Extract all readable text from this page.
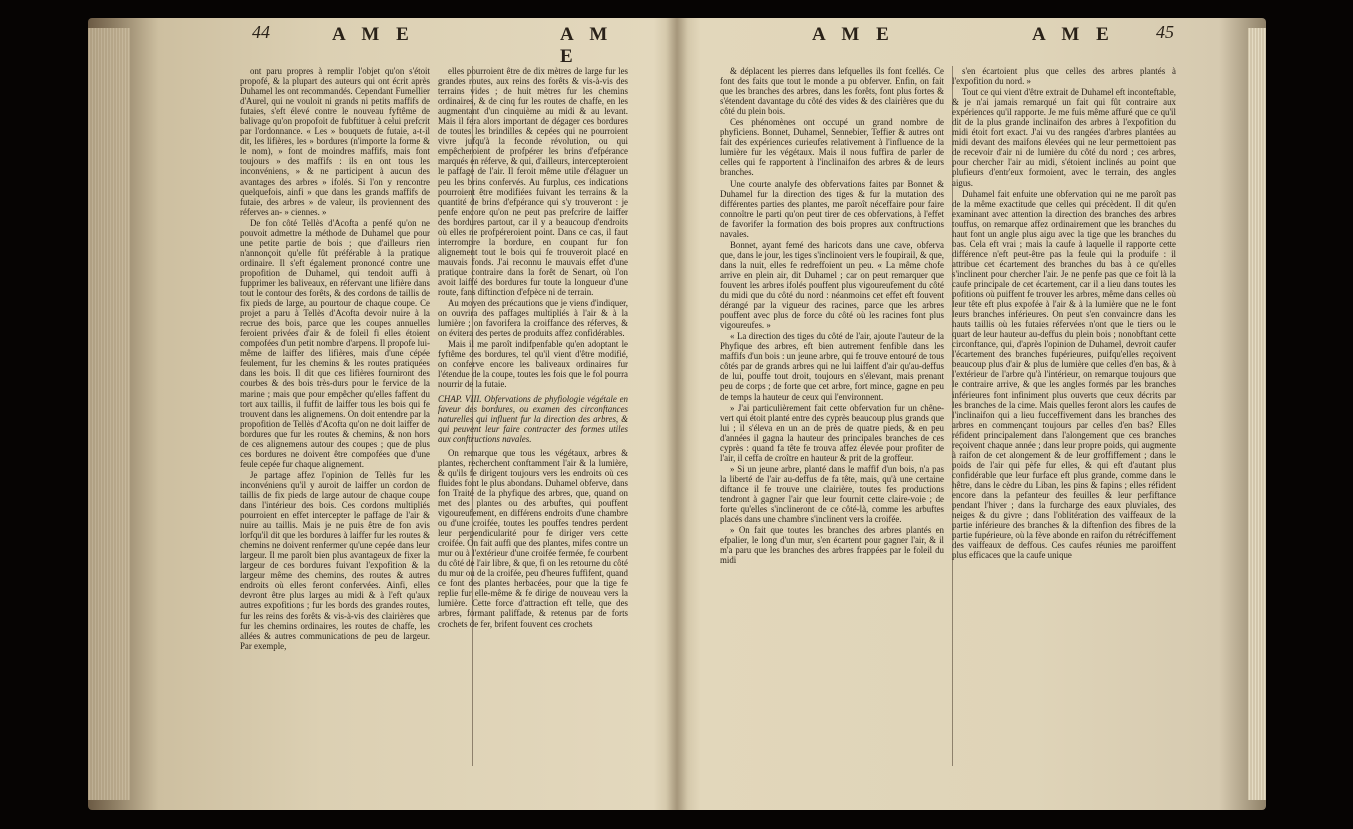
44	A M E	A M E

ont paru propres à remplir l'objet qu'on s'étoit propofé, & la plupart des auteurs qui ont écrit après Duhamel les ont recommandés. Cependant Fumellier d'Aurel, qui ne vouloit ni grands ni petits maffifs de futaies, s'eft élevé contre le nouveau fyftême de balivage qu'on propofoit de fubftituer à celui prefcrit par l'ordonnance. « Les » bouquets de futaie, a-t-il dit, les lifières, les » bordures (n'importe la forme & le nom), » font de moindres maffifs, mais font toujours » des maffifs : ils en ont tous les inconvéniens, » & ne participent à aucun des avantages des arbres » ifolés. Si l'on y rencontre quelquefois, ainfi » que dans les grands maffifs de futaie, des arbres » de valeur, ils proviennent des réferves an- » ciennes. »

De fon côté Tellès d'Acofta a penfé qu'on ne pouvoit admettre la méthode de Duhamel que pour une petite partie de bois ; que d'ailleurs rien n'annonçoit qu'elle fût préférable à la pratique ordinaire. Il s'eft également prononcé contre une propofition de Duhamel, qui tendoit auffi à fupprimer les baliveaux, en réfervant une lifière dans tout le contour des forêts, & des cordons de taillis de fix pieds de large, au pourtour de chaque coupe. Ce projet a paru à Tellès d'Acofta devoir nuire à la recrue des bois, parce que les coupes annuelles feroient privées d'air & de foleil fi elles étoient compofées d'un petit nombre d'arpens. Il propofe lui-même de laiffer des lifières, mais d'une cépée feulement, fur les chemins & les routes pratiquées dans les bois. Il dit que ces lifières fourniront des courbes & des bois très-durs pour le fervice de la marine ; mais que pour empêcher qu'elles faffent du tort aux taillis, il fuffit de laiffer tous les bois qui fe trouvent dans les alignemens. On doit entendre par la propofition de Tellès d'Acofta qu'on ne doit laiffer de bordures que fur les routes & chemins, & non hors de ces alignemens autour des coupes ; que de plus ces bordures ne doivent être compofées que d'une feule cepée fur chaque alignement.

Je partage affez l'opinion de Tellès fur les inconvéniens qu'il y auroit de laiffer un cordon de taillis de fix pieds de large autour de chaque coupe dans l'intérieur des bois. Ces cordons multipliés pourroient en effet intercepter le paffage de l'air & nuire au taillis. Mais je ne puis être de fon avis lorfqu'il dit que les bordures à laiffer fur les routes & chemins ne doivent renfermer qu'une cepée dans leur largeur. Il me paroît bien plus avantageux de fixer la largeur de ces bordures fuivant l'expofition & la largeur même des chemins, des routes & autres endroits où elles feront confervées. Ainfi, elles devront être plus larges au midi & à l'eft qu'aux autres expofitions ; fur les bords des grandes routes, fur les reins des forêts & vis-à-vis des clairières que fur les chemins ordinaires, les routes de chaffe, les allées & autres communications de peu de largeur. Par exemple,

elles pourroient être de dix mètres de large fur les grandes routes, aux reins des forêts & vis-à-vis des terrains vides ; de huit mètres fur les chemins ordinaires, & de cinq fur les routes de chaffe, en les augmentant d'un cinquième au midi & au levant. Mais il fera alors important de dégager ces bordures de toutes les brindilles & cepées qui ne pourroient vivre jufqu'à la feconde révolution, ou qui empêcheroient de profpérer les brins d'efpérance marqués en réferve, & qui, d'ailleurs, intercepteroient le paffage de l'air. Il feroit même utile d'élaguer un peu les brins confervés. Au furplus, ces indications pourroient être modifiées fuivant les terrains & la quantité de brins d'efpérance qui s'y trouveront : je penfe encore qu'on ne peut pas prefcrire de laiffer des bordures partout, car il y a beaucoup d'endroits où elles ne profpéreroient point. Dans ce cas, il faut interrompre la bordure, en coupant fur fon alignement tout le bois qui fe trouveroit placé en mauvais fonds. J'ai reconnu le mauvais effet d'une pratique contraire dans la forêt de Senart, où l'on avoit laiffé des bordures fur toute la longueur d'une route, fans diftinction d'efpèce ni de terrain.

Au moyen des précautions que je viens d'indiquer, on ouvrira des paffages multipliés à l'air & à la lumière ; on favorifera la croiffance des réferves, & on évitera des pertes de produits affez confidérables.

Mais il me paroît indifpenfable qu'en adoptant le fyftême des bordures, tel qu'il vient d'être modifié, on conferve encore les baliveaux ordinaires fur l'étendue de la coupe, toutes les fois que le fol pourra nourrir de la futaie.

CHAP. VIII. Obfervations de phyfiologie végétale en faveur des bordures, ou examen des circonftances naturelles qui influent fur la direction des arbres, & qui peuvent leur faire contracter des formes utiles aux conftructions navales.

On remarque que tous les végétaux, arbres & plantes, recherchent conftamment l'air & la lumière, & qu'ils fe dirigent toujours vers les endroits où ces fluides font le plus abondans. Duhamel obferve, dans fon Traité de la phyfique des arbres, que, quand on met des plantes ou des arbuftes, qui pouffent vigoureufement, en différens endroits d'une chambre ou d'une croifée, toutes les pouffes tendres perdent leur perpendicularité pour fe diriger vers cette croifée. On fait auffi que des plantes, mifes contre un mur ou à l'extérieur d'une croifée fermée, fe courbent du côté de l'air libre, & que, fi on les retourne du côté du mur ou de la croifée, peu d'heures fuffifent, quand ce font des plantes herbacées, pour que la tige fe replie fur elle-même & fe dirige de nouveau vers la lumière. Cette force d'attraction eft telle, que des arbres, formant paliffade, & retenus par de forts crochets de fer, brifent fouvent ces crochets

A M E	A M E 45

& déplacent les pierres dans lefquelles ils font fcellés. Ce font des faits que tout le monde a pu obferver. Enfin, on fait que les branches des arbres, dans les forêts, font plus fortes & s'étendent davantage du côté des vides & des clairières que du côté du plein bois.

Ces phénomènes ont occupé un grand nombre de phyficiens. Bonnet, Duhamel, Sennebier, Teffier & autres ont fait des expériences curieufes relativement à l'influence de la lumière fur les végétaux. Mais il nous fuffira de parler de celles qui fe rapportent à l'inclinaifon des arbres & de leurs branches.

Une courte analyfe des obfervations faites par Bonnet & Duhamel fur la direction des tiges & fur la mutation des différentes parties des plantes, me paroît néceffaire pour faire connoître le parti qu'on peut tirer de ces obfervations, à l'effet de favorifer la formation des bois propres aux conftructions navales.

Bonnet, ayant femé des haricots dans une cave, obferva que, dans le jour, les tiges s'inclinoient vers le foupirail, & que, dans la nuit, elles fe redreffoient un peu. « La même chofe arrive en plein air, dit Duhamel ; car on peut remarquer que fouvent les arbres ifolés pouffent plus vigoureufement du côté du midi que du côté du nord : néanmoins cet effet eft fouvent dérangé par la vigueur des racines, parce que les arbres pouffent avec plus de force du côté où les racines font plus vigoureufes. »

« La direction des tiges du côté de l'air, ajoute l'auteur de la Phyfique des arbres, eft bien autrement fenfible dans les maffifs d'un bois : un jeune arbre, qui fe trouve entouré de tous côtés par de grands arbres qui ne lui laiffent d'air qu'au-deffus de lui, pouffe tout droit, toujours en s'élevant, mais prenant peu de corps ; de forte que cet arbre, fort mince, gagne en peu de temps la hauteur de ceux qui l'environnent.

» J'ai particulièrement fait cette obfervation fur un chêne-vert qui étoit planté entre des cyprès beaucoup plus grands que lui ; il s'éleva en un an de près de quatre pieds, & en peu d'années il gagna la hauteur des principales branches de ces cyprès : quand fa tête fe trouva affez élevée pour profiter de l'air, il ceffa de croître en hauteur & prit de la groffeur.

» Si un jeune arbre, planté dans le maffif d'un bois, n'a pas la liberté de l'air au-deffus de fa tête, mais, qu'à une certaine diftance il fe trouve une clairière, toutes fes productions tendront à gagner l'air que leur fournit cette claire-voie ; de forte qu'elles s'inclineront de ce côté-là, comme les arbuftes placés dans une chambre s'inclinent vers la croifée.

» On fait que toutes les branches des arbres plantés en efpalier, le long d'un mur, s'en écartent pour gagner l'air, & il m'a paru que les branches des arbres frappées par le foleil du midi

s'en écartoient plus que celles des arbres plantés à l'expofition du nord. »

Tout ce qui vient d'être extrait de Duhamel eft inconteftable, & je n'ai jamais remarqué un fait qui fût contraire aux expériences qu'il rapporte. Je me fuis même affuré que ce qu'il dit de la plus grande inclinaifon des arbres à l'expofition du midi étoit fort exact. J'ai vu des rangées d'arbres plantées au midi devant des maifons élevées qui ne leur permettoient pas de recevoir d'air ni de lumière du côté du nord ; ces arbres, pour chercher l'air au midi, s'étoient inclinés au point que plufieurs d'entr'eux formoient, avec le terrain, des angles aigus.

Duhamel fait enfuite une obfervation qui ne me paroît pas de la même exactitude que celles qui précèdent. Il dit qu'en examinant avec attention la direction des branches des arbres touffus, on remarque affez ordinairement que les branches du haut font un angle plus aigu avec la tige que les branches du bas. Cela eft vrai ; mais la caufe à laquelle il rapporte cette différence n'eft peut-être pas la feule qui la produife : il attribue cet écartement des branches du bas à ce qu'elles s'inclinent pour chercher l'air. Je ne penfe pas que ce foit là la caufe principale de cet écartement, car il a lieu dans toutes les pofitions où puiffent fe trouver les arbres, même dans celles où leur tête eft plus expofée à l'air & à la lumière que ne le font leurs branches inférieures. On peut s'en convaincre dans les hauts taillis où les futaies réfervées n'ont que le tiers ou le quart de leur hauteur au-deffus du plein bois ; nonobftant cette circonftance, qui, d'après l'opinion de Duhamel, devroit caufer l'écartement des branches fupérieures, puifqu'elles reçoivent beaucoup plus d'air & plus de lumière que celles d'en bas, & à l'extérieur de l'arbre qu'à l'intérieur, on remarque toujours que le contraire arrive, & que les angles formés par les branches inférieures font infiniment plus ouverts que ceux décrits par les branches de la cime. Mais quelles feront alors les caufes de l'inclinaifon qui a lieu fucceffivement dans les branches des arbres en commençant toujours par celles d'en bas? Elles réfident principalement dans l'alongement que ces branches reçoivent chaque année ; dans leur propre poids, qui augmente à raifon de cet alongement & de leur groffiffement ; dans le poids de l'air qui pèfe fur elles, & qui eft d'autant plus confidérable que leur furface eft plus grande, comme dans le hêtre, dans le cèdre du Liban, les pins & fapins ; elles réfident encore dans la pefanteur des feuilles & leur perfiftance pendant l'hiver ; dans la furcharge des eaux pluviales, des neiges & du givre ; dans l'oblitération des vaiffeaux de la partie inférieure des branches & la diftenfion des fibres de la partie fupérieure, où la fève abonde en raifon du rétréciffement des vaiffeaux de deffous. Ces caufes réunies me paroiffent plus efficaces que la caufe unique
